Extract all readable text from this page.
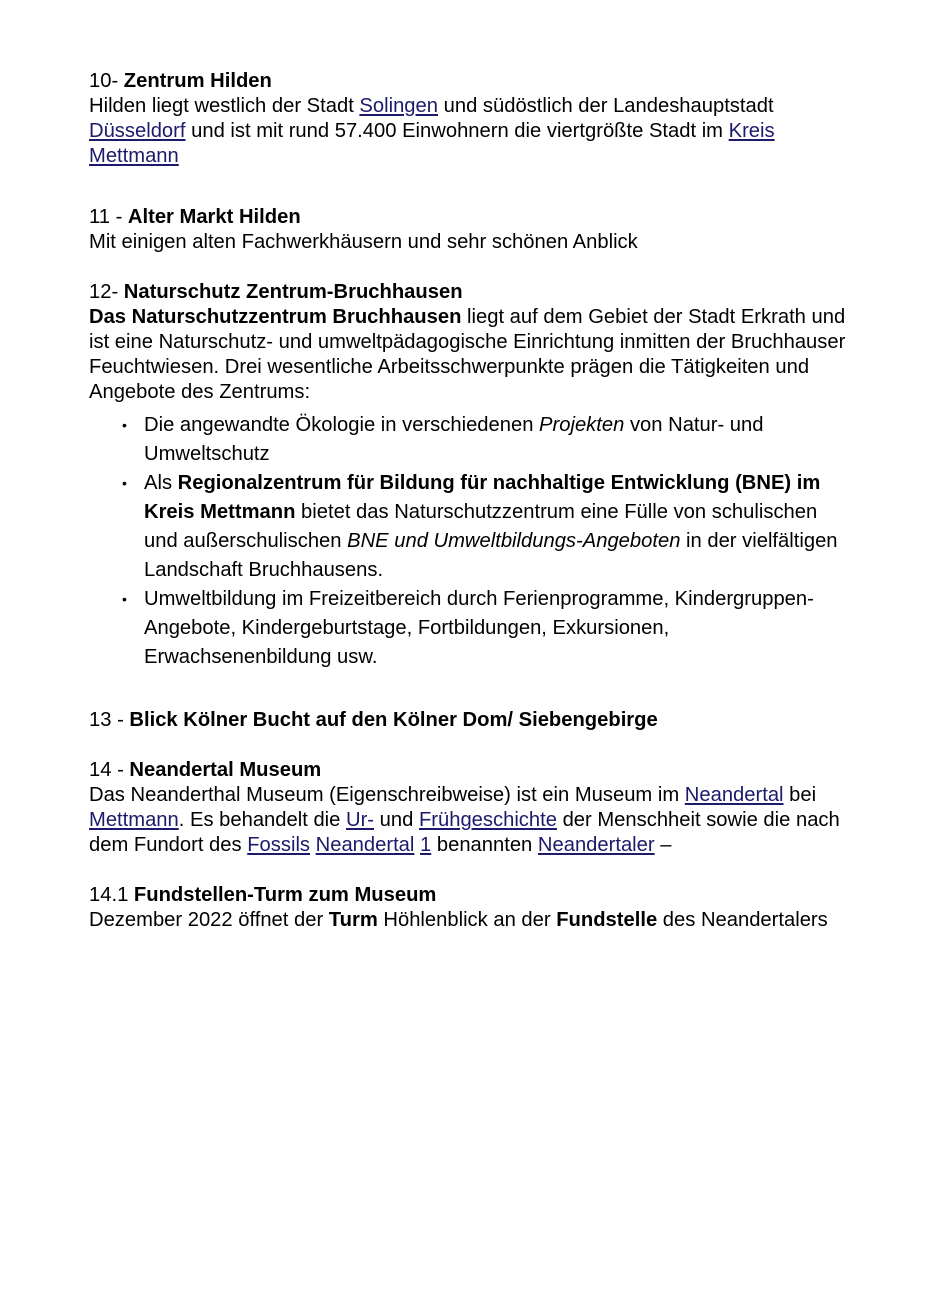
10- Zentrum Hilden

Hilden liegt westlich der Stadt Solingen und südöstlich der Landeshauptstadt Düsseldorf und ist mit rund 57.400 Einwohnern die viertgrößte Stadt im Kreis Mettmann

11 - Alter Markt Hilden

Mit einigen alten Fachwerkhäusern und sehr schönen Anblick

12- Naturschutz Zentrum-Bruchhausen

Das Naturschutzzentrum Bruchhausen liegt auf dem Gebiet der Stadt Erkrath und ist eine Naturschutz- und umweltpädagogische Einrichtung inmitten der Bruchhauser Feuchtwiesen. Drei wesentliche Arbeitsschwerpunkte prägen die Tätigkeiten und Angebote des Zentrums:

• Die angewandte Ökologie in verschiedenen Projekten von Natur- und Umweltschutz
• Als Regionalzentrum für Bildung für nachhaltige Entwicklung (BNE) im Kreis Mettmann bietet das Naturschutzzentrum eine Fülle von schulischen und außerschulischen BNE und Umweltbildungs-Angeboten in der vielfältigen Landschaft Bruchhausens.
• Umweltbildung im Freizeitbereich durch Ferienprogramme, Kindergruppen-Angebote, Kindergeburtstage, Fortbildungen, Exkursionen, Erwachsenenbildung usw.

13 - Blick Kölner Bucht auf den Kölner Dom/ Siebengebirge

14 - Neandertal Museum

Das Neanderthal Museum (Eigenschreibweise) ist ein Museum im Neandertal bei Mettmann. Es behandelt die Ur- und Frühgeschichte der Menschheit sowie die nach dem Fundort des Fossils Neandertal 1 benannten Neandertaler –

14.1 Fundstellen-Turm zum Museum

Dezember 2022 öffnet der Turm Höhlenblick an der Fundstelle des Neandertalers
